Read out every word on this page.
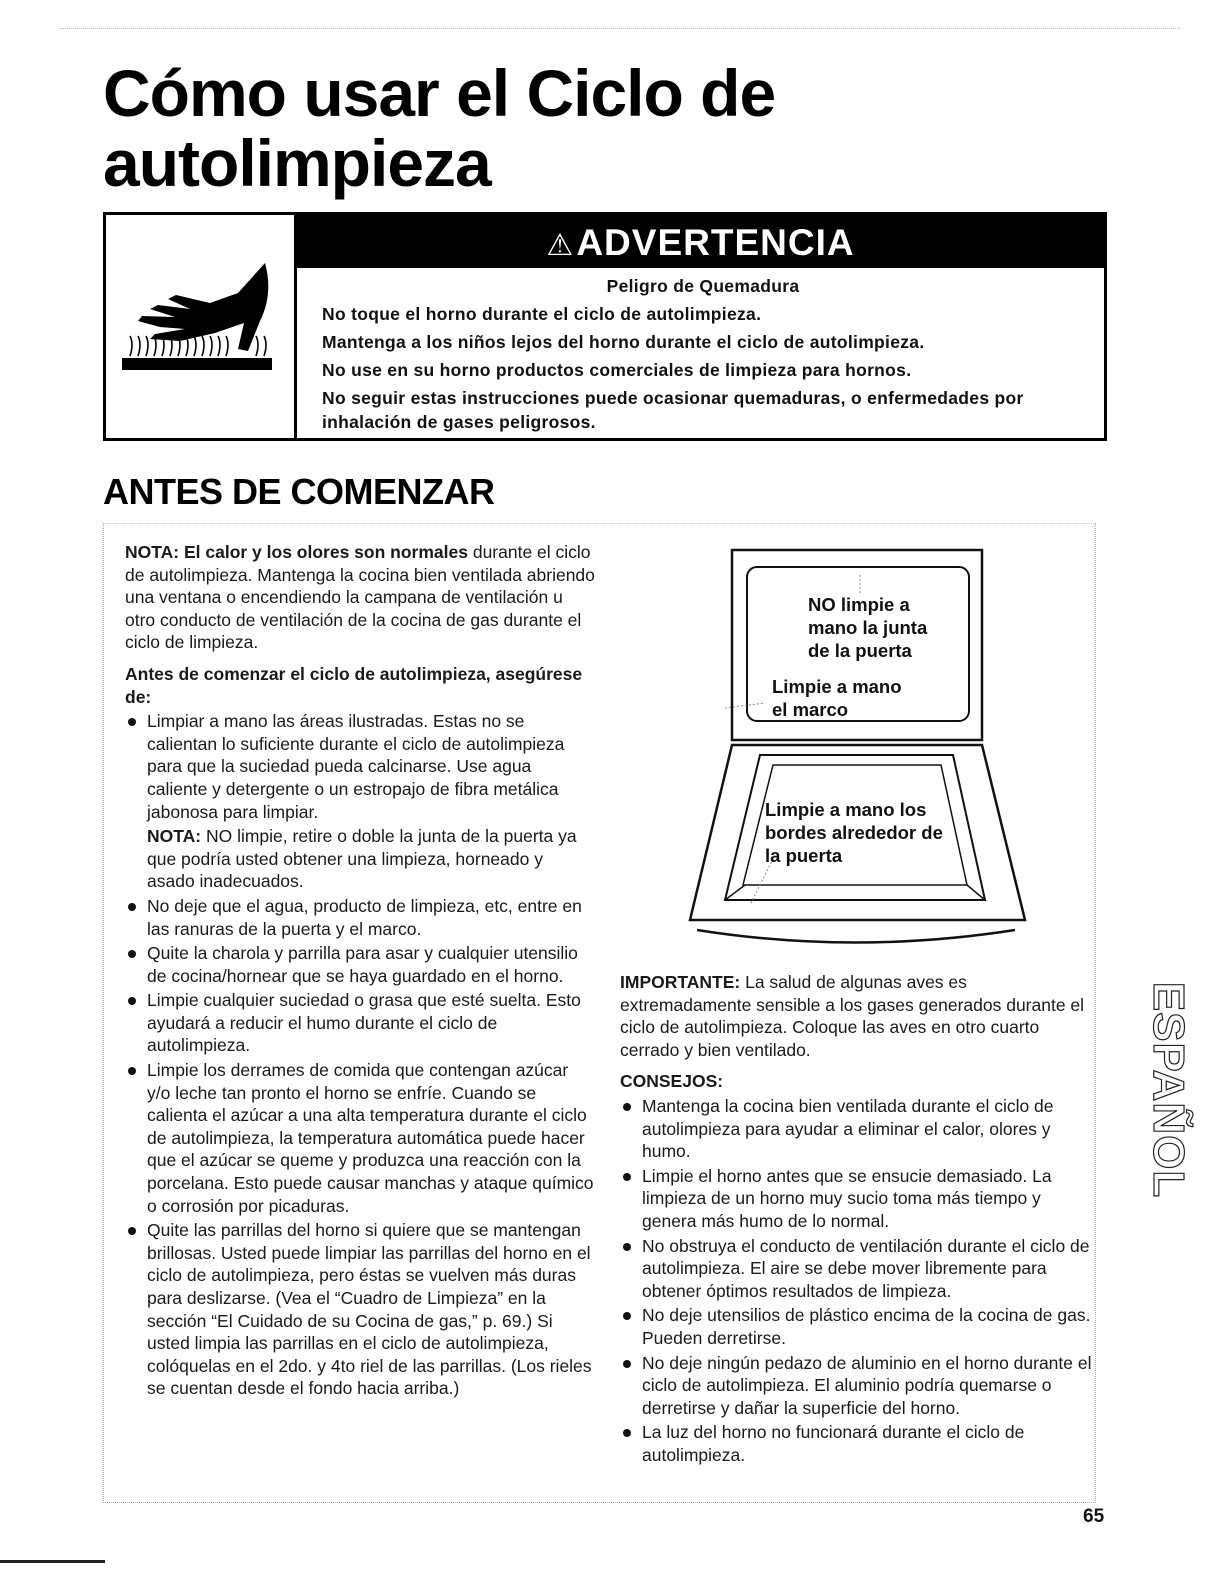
Cómo usar el Ciclo de
autolimpieza
⚠ADVERTENCIA
Peligro de Quemadura
No toque el horno durante el ciclo de autolimpieza.
Mantenga a los niños lejos del horno durante el ciclo de autolimpieza.
No use en su horno productos comerciales de limpieza para hornos.
No seguir estas instrucciones puede ocasionar quemaduras, o enfermedades por inhalación de gases peligrosos.
ANTES DE COMENZAR

NOTA: El calor y los olores son normales durante el ciclo de autolimpieza. Mantenga la cocina bien ventilada abriendo una ventana o encendiendo la campana de ventilación u otro conducto de ventilación de la cocina de gas durante el ciclo de limpieza.

Antes de comenzar el ciclo de autolimpieza, asegúrese de:

Limpiar a mano las áreas ilustradas. Estas no se calientan lo suficiente durante el ciclo de autolimpieza para que la suciedad pueda calcinarse. Use agua caliente y detergente o un estropajo de fibra metálica jabonosa para limpiar.
NOTA: NO limpie, retire o doble la junta de la puerta ya que podría usted obtener una limpieza, horneado y asado inadecuados.
No deje que el agua, producto de limpieza, etc, entre en las ranuras de la puerta y el marco.
Quite la charola y parrilla para asar y cualquier utensilio de cocina/hornear que se haya guardado en el horno.
Limpie cualquier suciedad o grasa que esté suelta. Esto ayudará a reducir el humo durante el ciclo de autolimpieza.
Limpie los derrames de comida que contengan azúcar y/o leche tan pronto el horno se enfríe. Cuando se calienta el azúcar a una alta temperatura durante el ciclo de autolimpieza, la temperatura automática puede hacer que el azúcar se queme y produzca una reacción con la porcelana. Esto puede causar manchas y ataque químico o corrosión por picaduras.
Quite las parrillas del horno si quiere que se mantengan brillosas. Usted puede limpiar las parrillas del horno en el ciclo de autolimpieza, pero éstas se vuelven más duras para deslizarse. (Vea el “Cuadro de Limpieza” en la sección “El Cuidado de su Cocina de gas,” p. 69.) Si usted limpia las parrillas en el ciclo de autolimpieza, colóquelas en el 2do. y 4to riel de las parrillas. (Los rieles se cuentan desde el fondo hacia arriba.)
NO limpie a mano la junta de la puerta
Limpie a mano el marco
Limpie a mano los bordes alrededor de la puerta

IMPORTANTE: La salud de algunas aves es extremadamente sensible a los gases generados durante el ciclo de autolimpieza. Coloque las aves en otro cuarto cerrado y bien ventilado.

CONSEJOS:

Mantenga la cocina bien ventilada durante el ciclo de autolimpieza para ayudar a eliminar el calor, olores y humo.
Limpie el horno antes que se ensucie demasiado. La limpieza de un horno muy sucio toma más tiempo y genera más humo de lo normal.
No obstruya el conducto de ventilación durante el ciclo de autolimpieza. El aire se debe mover libremente para obtener óptimos resultados de limpieza.
No deje utensilios de plástico encima de la cocina de gas. Pueden derretirse.
No deje ningún pedazo de aluminio en el horno durante el ciclo de autolimpieza. El aluminio podría quemarse o derretirse y dañar la superficie del horno.
La luz del horno no funcionará durante el ciclo de autolimpieza.
ESPAÑOL
65
